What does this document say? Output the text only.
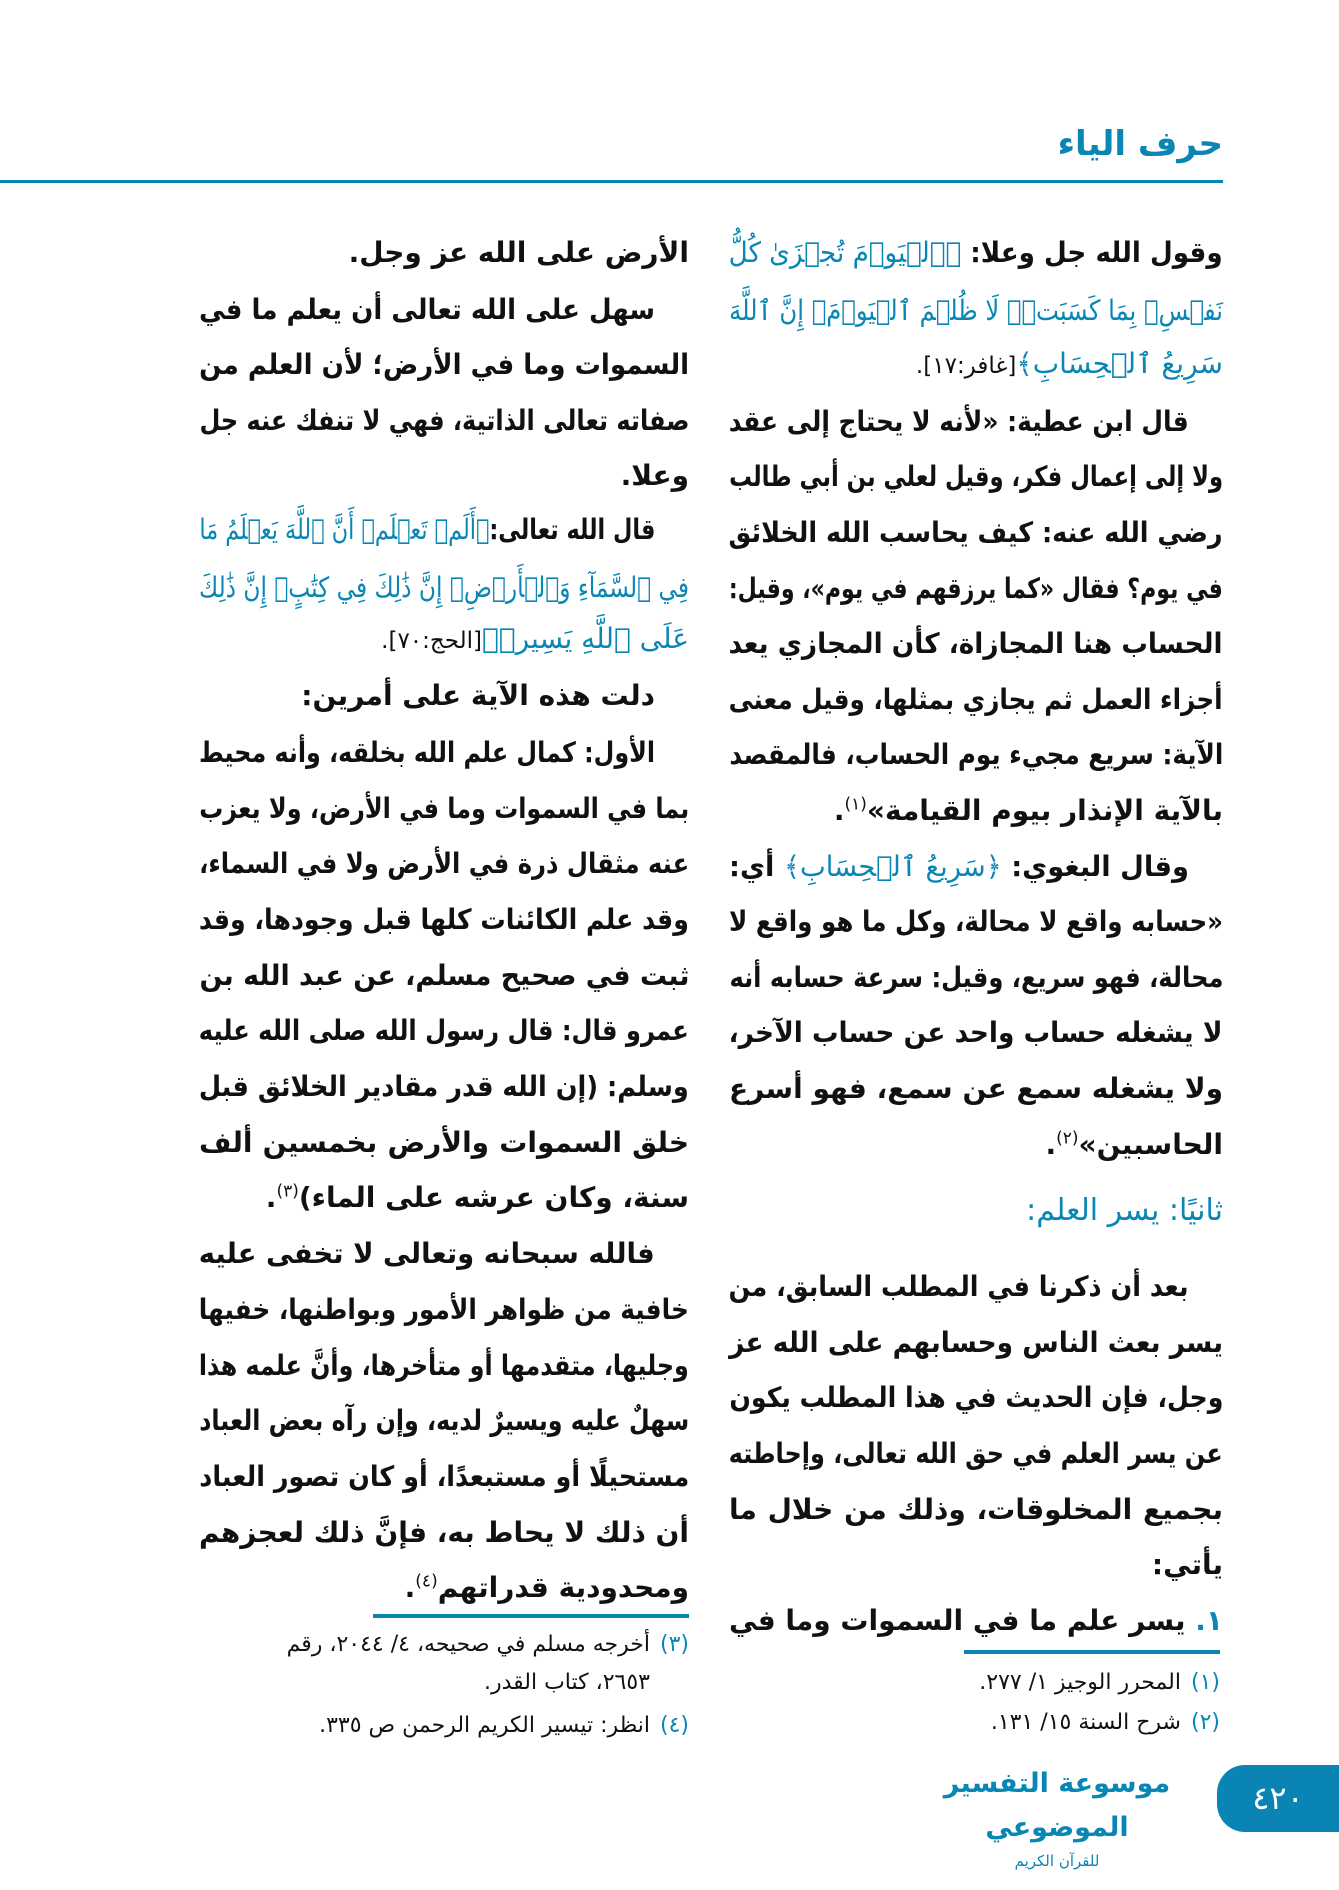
حرف الياء
وقول الله جل وعلا: ﴿ٱلۡيَوۡمَ تُجۡزَىٰ كُلُّ
نَفۡسِۭ بِمَا كَسَبَتۡۚ لَا ظُلۡمَ ٱلۡيَوۡمَۚ إِنَّ ٱللَّهَ
سَرِيعُ ٱلۡحِسَابِ﴾[غافر:١٧].
قال ابن عطية: «لأنه لا يحتاج إلى عقد
ولا إلى إعمال فكر، وقيل لعلي بن أبي طالب
رضي الله عنه: كيف يحاسب الله الخلائق
في يوم؟ فقال «كما يرزقهم في يوم»، وقيل:
الحساب هنا المجازاة، كأن المجازي يعد
أجزاء العمل ثم يجازي بمثلها، وقيل معنى
الآية: سريع مجيء يوم الحساب، فالمقصد
بالآية الإنذار بيوم القيامة»$^{(١)}$.
وقال البغوي: ﴿سَرِيعُ ٱلۡحِسَابِ﴾ أي:
«حسابه واقع لا محالة، وكل ما هو واقع لا
محالة، فهو سريع، وقيل: سرعة حسابه أنه
لا يشغله حساب واحد عن حساب الآخر،
ولا يشغله سمع عن سمع، فهو أسرع
الحاسبين»$^{(٢)}$.
ثانيًا: يسر العلم:
بعد أن ذكرنا في المطلب السابق، من
يسر بعث الناس وحسابهم على الله عز
وجل، فإن الحديث في هذا المطلب يكون
عن يسر العلم في حق الله تعالى، وإحاطته
بجميع المخلوقات، وذلك من خلال ما
يأتي:
١. يسر علم ما في السموات وما في
الأرض على الله عز وجل.
سهل على الله تعالى أن يعلم ما في
السموات وما في الأرض؛ لأن العلم من
صفاته تعالى الذاتية، فهي لا تنفك عنه جل
وعلا.
قال الله تعالى:﴿أَلَمۡ تَعۡلَمۡ أَنَّ ٱللَّهَ يَعۡلَمُ مَا
فِي ٱلسَّمَآءِ وَٱلۡأَرۡضِۚ إِنَّ ذَٰلِكَ فِي كِتَٰبٍۚ إِنَّ ذَٰلِكَ
عَلَى ٱللَّهِ يَسِيرٞ﴾[الحج:٧٠].
دلت هذه الآية على أمرين:
الأول: كمال علم الله بخلقه، وأنه محيط
بما في السموات وما في الأرض، ولا يعزب
عنه مثقال ذرة في الأرض ولا في السماء،
وقد علم الكائنات كلها قبل وجودها، وقد
ثبت في صحيح مسلم، عن عبد الله بن
عمرو قال: قال رسول الله صلى الله عليه
وسلم: (إن الله قدر مقادير الخلائق قبل
خلق السموات والأرض بخمسين ألف
سنة، وكان عرشه على الماء)$^{(٣)}$.
فالله سبحانه وتعالى لا تخفى عليه
خافية من ظواهر الأمور وبواطنها، خفيها
وجليها، متقدمها أو متأخرها، وأنَّ علمه هذا
سهلٌ عليه ويسيرٌ لديه، وإن رآه بعض العباد
مستحيلًا أو مستبعدًا، أو كان تصور العباد
أن ذلك لا يحاط به، فإنَّ ذلك لعجزهم
ومحدودية قدراتهم$^{(٤)}$.
(١)المحرر الوجيز ١/ ٢٧٧.
(٢)شرح السنة ١٥/ ١٣١.
(٣)أخرجه مسلم في صحيحه، ٤/ ٢٠٤٤، رقم
٢٦٥٣، كتاب القدر.
(٤)انظر: تيسير الكريم الرحمن ص ٣٣٥.
٤٢٠
موسوعة التفسير الموضوعي
للقرآن الكريم
